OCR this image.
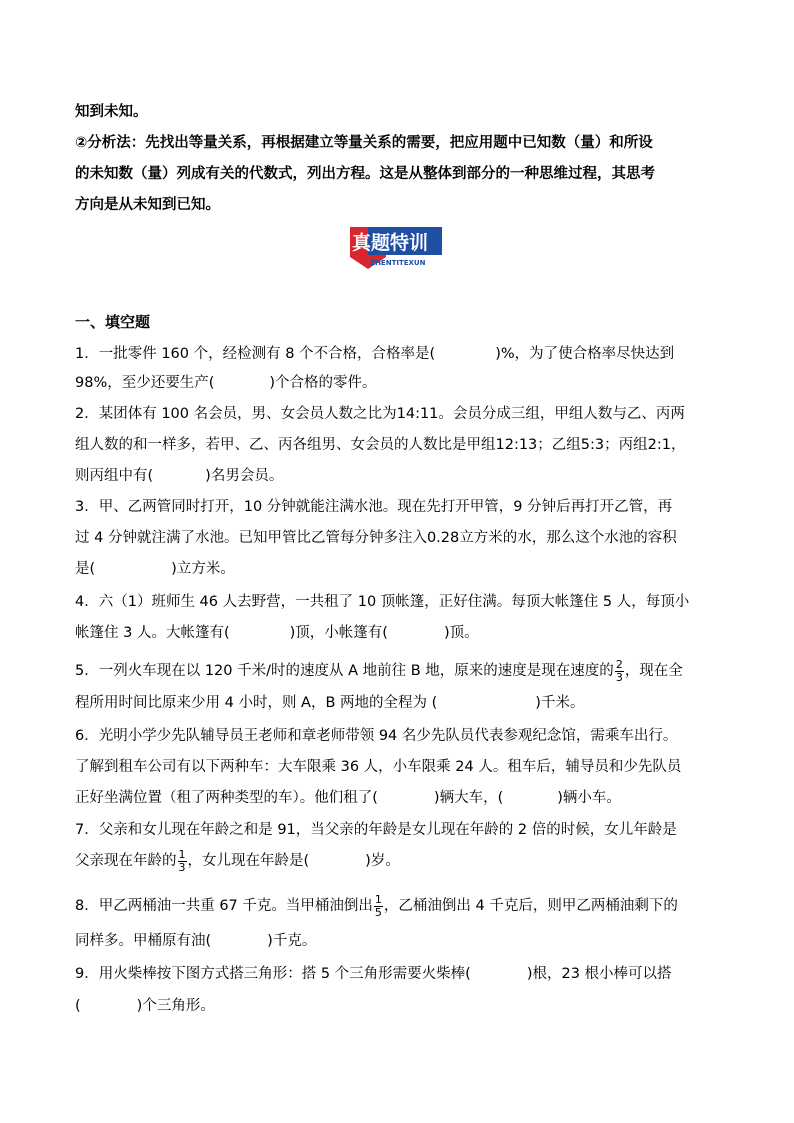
知到未知。
②分析法：先找出等量关系，再根据建立等量关系的需要，把应用题中已知数（量）和所设
的未知数（量）列成有关的代数式，列出方程。这是从整体到部分的一种思维过程，其思考
方向是从未知到已知。
真题特训
ZHENTITEXUN
一、填空题
1．一批零件 160 个，经检测有 8 个不合格，合格率是(	)%，为了使合格率尽快达到
98%，至少还要生产(	)个合格的零件。
2．某团体有 100 名会员，男、女会员人数之比为14:11。会员分成三组，甲组人数与乙、丙两
组人数的和一样多，若甲、乙、丙各组男、女会员的人数比是甲组12:13；乙组5:3；丙组2:1，
则丙组中有(	)名男会员。
3．甲、乙两管同时打开，10 分钟就能注满水池。现在先打开甲管，9 分钟后再打开乙管，再
过 4 分钟就注满了水池。已知甲管比乙管每分钟多注入0.28立方米的水，那么这个水池的容积
是(	)立方米。
4．六（1）班师生 46 人去野营，一共租了 10 顶帐篷，正好住满。每顶大帐篷住 5 人，每顶小
帐篷住 3 人。大帐篷有(	)顶，小帐篷有(	)顶。
5．一列火车现在以 120 千米/时的速度从 A 地前往 B 地，原来的速度是现在速度的 $\frac{2}{3}$ ，现在全
程所用时间比原来少用 4 小时，则 A，B 两地的全程为 (	)千米。
6．光明小学少先队辅导员王老师和章老师带领 94 名少先队员代表参观纪念馆，需乘车出行。
了解到租车公司有以下两种车：大车限乘 36 人，小车限乘 24 人。租车后，辅导员和少先队员
正好坐满位置（租了两种类型的车）。他们租了(	)辆大车，(	)辆小车。
7．父亲和女儿现在年龄之和是 91，当父亲的年龄是女儿现在年龄的 2 倍的时候，女儿年龄是
父亲现在年龄的 $\frac{1}{3}$ ，女儿现在年龄是(	)岁。
8．甲乙两桶油一共重 67 千克。当甲桶油倒出 $\frac{1}{5}$ ，乙桶油倒出 4 千克后，则甲乙两桶油剩下的
同样多。甲桶原有油(	)千克。
9．用火柴棒按下图方式搭三角形：搭 5 个三角形需要火柴棒(	)根，23 根小棒可以搭
(	)个三角形。
